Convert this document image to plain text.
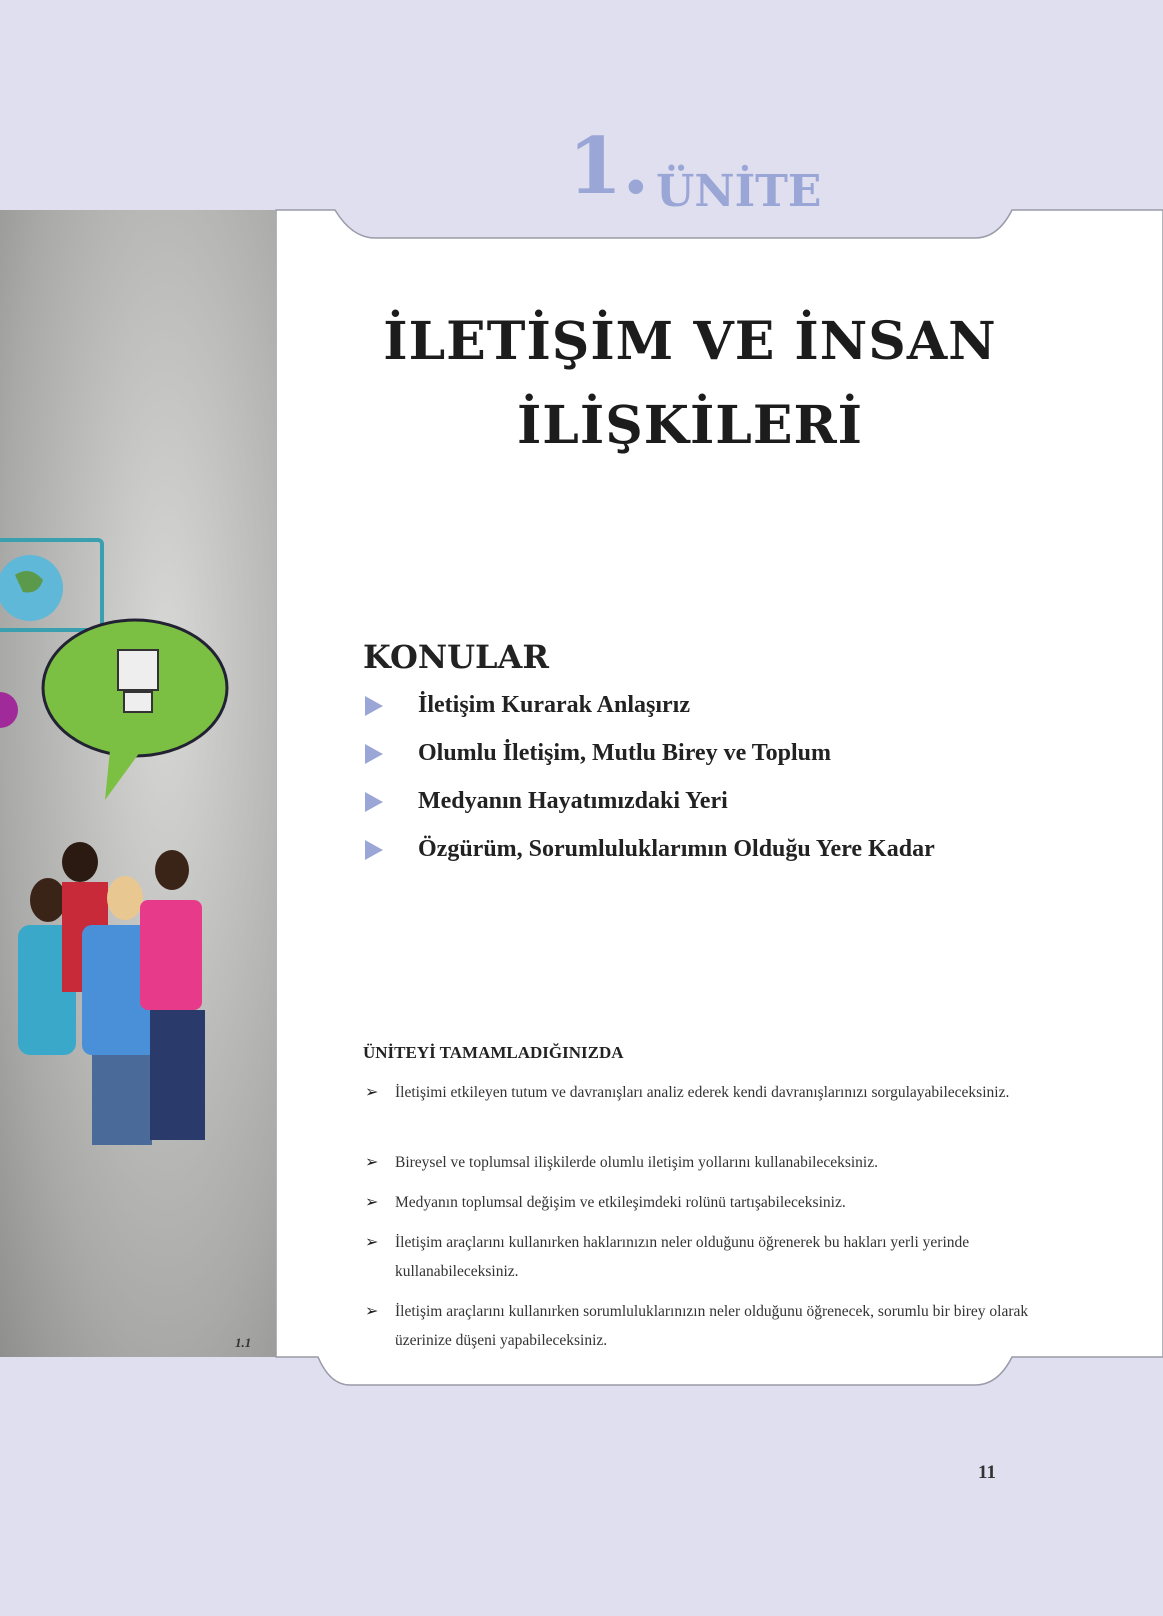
1.1
1. ÜNİTE
İLETİŞİM VE İNSAN
İLİŞKİLERİ
KONULAR
İletişim Kurarak Anlaşırız
Olumlu İletişim, Mutlu Birey ve Toplum
Medyanın Hayatımızdaki Yeri
Özgürüm, Sorumluluklarımın Olduğu Yere Kadar
ÜNİTEYİ TAMAMLADIĞINIZDA
➢	İletişimi etkileyen tutum ve davranışları analiz ederek kendi davranışlarınızı sorgulayabileceksiniz.
➢	Bireysel ve toplumsal ilişkilerde olumlu iletişim yollarını kullanabileceksiniz.
➢	Medyanın toplumsal değişim ve etkileşimdeki rolünü tartışabileceksiniz.
➢	İletişim araçlarını kullanırken haklarınızın neler olduğunu öğrenerek bu hakları yerli yerinde kullanabileceksiniz.
➢	İletişim araçlarını kullanırken sorumluluklarınızın neler olduğunu öğrenecek, sorumlu bir birey olarak üzerinize düşeni yapabileceksiniz.
11
